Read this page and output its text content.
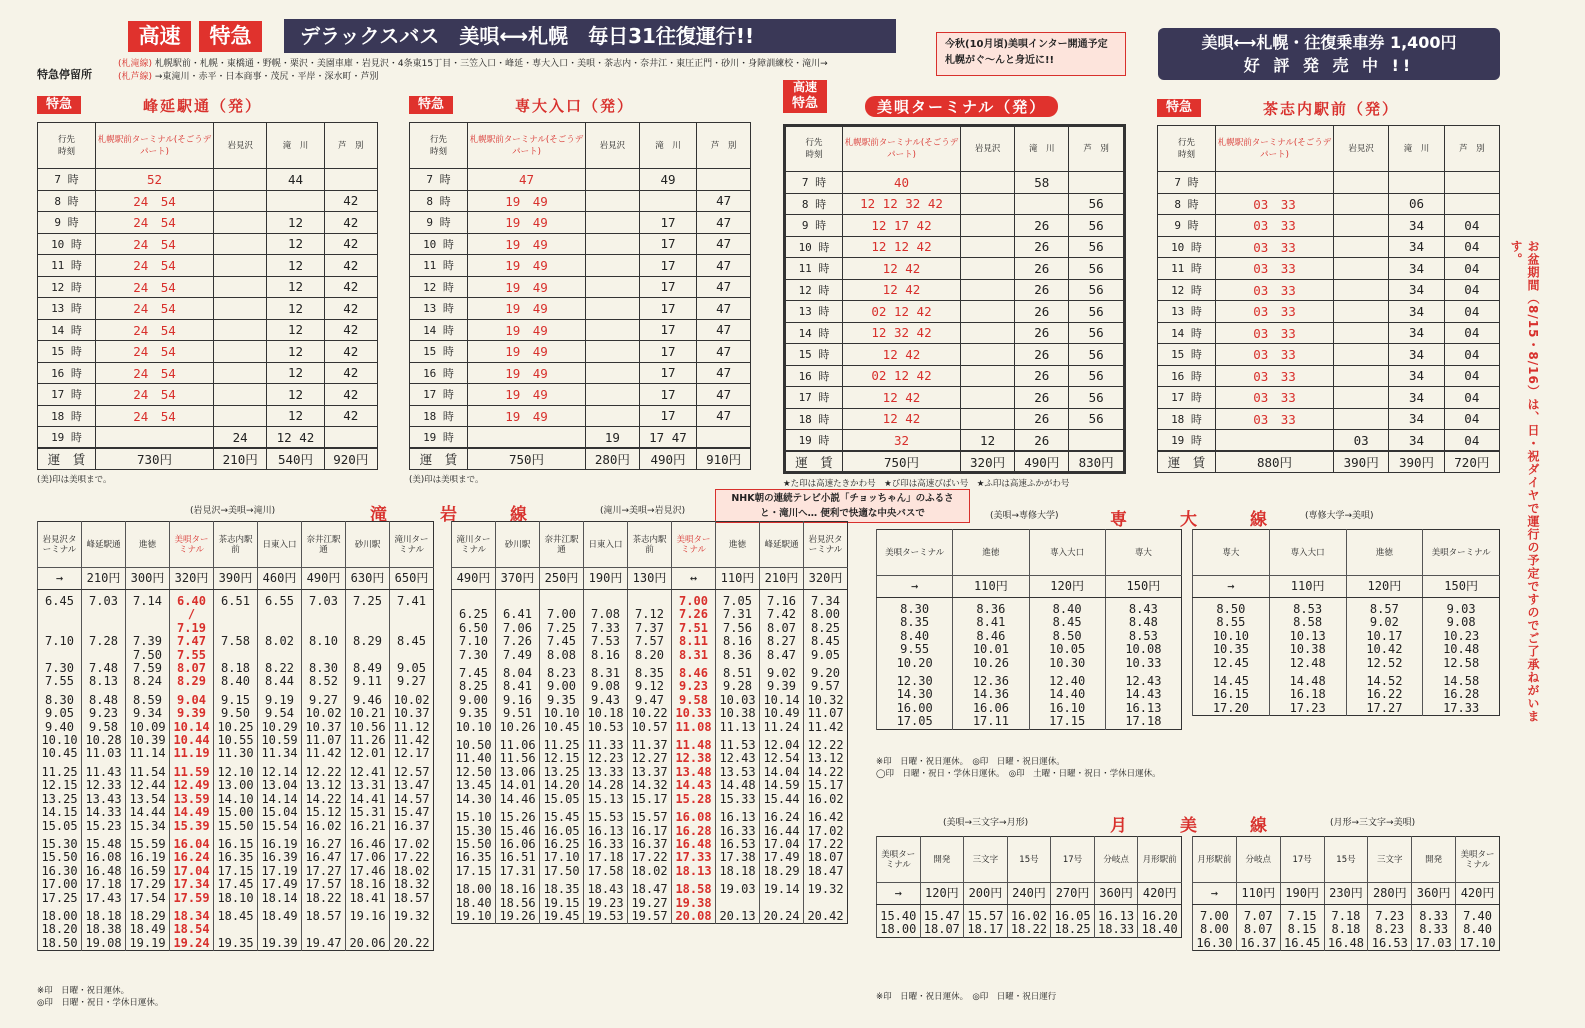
高速	特急	デラックスバス　美唄⟷札幌　毎日31往復運行!!	今秋(10月頃)美唄インター開通予定
札幌がぐ～んと身近に!!
美唄⟷札幌・往復乗車券 1,400円
好 評 発 売 中 !!
特急停留所
(札滝線) 札幌駅前・札幌・東橋通・野幌・栗沢・美園車庫・岩見沢・4条東15丁目・三笠入口・峰延・専大入口・美唄・茶志内・奈井江・東圧正門・砂川・身障訓練校・滝川→
(札芦線) →東滝川・赤平・日本商事・茂尻・平岸・深水町・芦別
特急	峰延駅通（発）
行先
時刻	札幌駅前ターミナル(そごうデパート)	岩見沢	滝　川	芦　別
7 時	52		44	
8 時	24　54			42
9 時	24　54		12	42
10 時	24　54		12	42
11 時	24　54		12	42
12 時	24　54		12	42
13 時	24　54		12	42
14 時	24　54		12	42
15 時	24　54		12	42
16 時	24　54		12	42
17 時	24　54		12	42
18 時	24　54		12	42
19 時		24	12 42	
運　賃	730円	210円	540円	920円
(美)印は美唄まで。
特急	専大入口（発）
行先
時刻	札幌駅前ターミナル(そごうデパート)	岩見沢	滝　川	芦　別
7 時	47		49	
8 時	19　49			47
9 時	19　49		17	47
10 時	19　49		17	47
11 時	19　49		17	47
12 時	19　49		17	47
13 時	19　49		17	47
14 時	19　49		17	47
15 時	19　49		17	47
16 時	19　49		17	47
17 時	19　49		17	47
18 時	19　49		17	47
19 時		19	17 47	
運　賃	750円	280円	490円	910円
(美)印は美唄まで。
高速
特急	美唄ターミナル（発）
行先
時刻	札幌駅前ターミナル(そごうデパート)	岩見沢	滝　川	芦　別
7 時	40		58	
8 時	12 12 32 42			56
9 時	12 17 42		26	56
10 時	12 12 42		26	56
11 時	12 42		26	56
12 時	12 42		26	56
13 時	02 12 42		26	56
14 時	12 32 42		26	56
15 時	12 42		26	56
16 時	02 12 42		26	56
17 時	12 42		26	56
18 時	12 42		26	56
19 時	32	12	26	
運　賃	750円	320円	490円	830円
★た印は高速たきかわ号　★び印は高速びばい号　★ふ印は高速ふかがわ号
特急	茶志内駅前（発）
行先
時刻	札幌駅前ターミナル(そごうデパート)	岩見沢	滝　川	芦　別
7 時				
8 時	03　33		06	
9 時	03　33		34	04
10 時	03　33		34	04
11 時	03　33		34	04
12 時	03　33		34	04
13 時	03　33		34	04
14 時	03　33		34	04
15 時	03　33		34	04
16 時	03　33		34	04
17 時	03　33		34	04
18 時	03　33		34	04
19 時		03	34	04
運　賃	880円	390円	390円	720円
滝　岩　線
(岩見沢→美唄→滝川)	(滝川→美唄→岩見沢)
NHK朝の連続テレビ小説「チョッちゃん」のふるさと・滝川へ… 便利で快適な中央バスで
岩見沢ターミナル	峰延駅通	進徳	美唄ターミナル	茶志内駅前	日東入口	奈井江駅通	砂川駅	滝川ターミナル
→	210円	300円	320円	390円	460円	490円	630円	650円
6.45	7.03	7.14	6.40 / 7.19	6.51	6.55	7.03	7.25	7.41
7.10	7.28	7.39	7.47	7.58	8.02	8.10	8.29	8.45
		7.50	7.55					
7.30	7.48	7.59	8.07	8.18	8.22	8.30	8.49	9.05
7.55	8.13	8.24	8.29	8.40	8.44	8.52	9.11	9.27
8.30	8.48	8.59	9.04	9.15	9.19	9.27	9.46	10.02
9.05	9.23	9.34	9.39	9.50	9.54	10.02	10.21	10.37
9.40	9.58	10.09	10.14	10.25	10.29	10.37	10.56	11.12
10.10	10.28	10.39	10.44	10.55	10.59	11.07	11.26	11.42
10.45	11.03	11.14	11.19	11.30	11.34	11.42	12.01	12.17
11.25	11.43	11.54	11.59	12.10	12.14	12.22	12.41	12.57
12.15	12.33	12.44	12.49	13.00	13.04	13.12	13.31	13.47
13.25	13.43	13.54	13.59	14.10	14.14	14.22	14.41	14.57
14.15	14.33	14.44	14.49	15.00	15.04	15.12	15.31	15.47
15.05	15.23	15.34	15.39	15.50	15.54	16.02	16.21	16.37
15.30	15.48	15.59	16.04	16.15	16.19	16.27	16.46	17.02
15.50	16.08	16.19	16.24	16.35	16.39	16.47	17.06	17.22
16.30	16.48	16.59	17.04	17.15	17.19	17.27	17.46	18.02
17.00	17.18	17.29	17.34	17.45	17.49	17.57	18.16	18.32
17.25	17.43	17.54	17.59	18.10	18.14	18.22	18.41	18.57
18.00	18.18	18.29	18.34	18.45	18.49	18.57	19.16	19.32
18.20	18.38	18.49	18.54					
18.50	19.08	19.19	19.24	19.35	19.39	19.47	20.06	20.22
滝川ターミナル	砂川駅	奈井江駅通	日東入口	茶志内駅前	美唄ターミナル	進徳	峰延駅通	岩見沢ターミナル
490円	370円	250円	190円	130円	↔	110円	210円	320円
					7.00	7.05	7.16	7.34
6.25	6.41	7.00	7.08	7.12	7.26	7.31	7.42	8.00
6.50	7.06	7.25	7.33	7.37	7.51	7.56	8.07	8.25
7.10	7.26	7.45	7.53	7.57	8.11	8.16	8.27	8.45
7.30	7.49	8.08	8.16	8.20	8.31	8.36	8.47	9.05
7.45	8.04	8.23	8.31	8.35	8.46	8.51	9.02	9.20
8.25	8.41	9.00	9.08	9.12	9.23	9.28	9.39	9.57
9.00	9.16	9.35	9.43	9.47	9.58	10.03	10.14	10.32
9.35	9.51	10.10	10.18	10.22	10.33	10.38	10.49	11.07
10.10	10.26	10.45	10.53	10.57	11.08	11.13	11.24	11.42
10.50	11.06	11.25	11.33	11.37	11.48	11.53	12.04	12.22
11.40	11.56	12.15	12.23	12.27	12.38	12.43	12.54	13.12
12.50	13.06	13.25	13.33	13.37	13.48	13.53	14.04	14.22
13.45	14.01	14.20	14.28	14.32	14.43	14.48	14.59	15.17
14.30	14.46	15.05	15.13	15.17	15.28	15.33	15.44	16.02
15.10	15.26	15.45	15.53	15.57	16.08	16.13	16.24	16.42
15.30	15.46	16.05	16.13	16.17	16.28	16.33	16.44	17.02
15.50	16.06	16.25	16.33	16.37	16.48	16.53	17.04	17.22
16.35	16.51	17.10	17.18	17.22	17.33	17.38	17.49	18.07
17.15	17.31	17.50	17.58	18.02	18.13	18.18	18.29	18.47
18.00	18.16	18.35	18.43	18.47	18.58	19.03	19.14	19.32
18.40	18.56	19.15	19.23	19.27	19.38			
19.10	19.26	19.45	19.53	19.57	20.08	20.13	20.24	20.42
※印　日曜・祝日運休。
◎印　日曜・祝日・学休日運休。
専　大　線
(美唄→専修大学)	(専修大学→美唄)
美唄ターミナル	進徳	専入大口	専大
→	110円	120円	150円
8.30	8.36	8.40	8.43
8.35	8.41	8.45	8.48
8.40	8.46	8.50	8.53
9.55	10.01	10.05	10.08
10.20	10.26	10.30	10.33
12.30	12.36	12.40	12.43
14.30	14.36	14.40	14.43
16.00	16.06	16.10	16.13
17.05	17.11	17.15	17.18
専大	専入大口	進徳	美唄ターミナル
→	110円	120円	150円
8.50	8.53	8.57	9.03
8.55	8.58	9.02	9.08
10.10	10.13	10.17	10.23
10.35	10.38	10.42	10.48
12.45	12.48	12.52	12.58
14.45	14.48	14.52	14.58
16.15	16.18	16.22	16.28
17.20	17.23	17.27	17.33
※印　日曜・祝日運休。　◎印　日曜・祝日運休。
◯印　日曜・祝日・学休日運休。　◎印　土曜・日曜・祝日・学休日運休。
月　美　線
(美唄→三文字→月形)	(月形→三文字→美唄)
美唄ターミナル	開発	三文字	15号	17号	分岐点	月形駅前
→	120円	200円	240円	270円	360円	420円
15.40	15.47	15.57	16.02	16.05	16.13	16.20
18.00	18.07	18.17	18.22	18.25	18.33	18.40
月形駅前	分岐点	17号	15号	三文字	開発	美唄ターミナル
→	110円	190円	230円	280円	360円	420円
7.00	7.07	7.15	7.18	7.23	8.33	7.40
8.00	8.07	8.15	8.18	8.23	8.33	8.40
16.30	16.37	16.45	16.48	16.53	17.03	17.10
※印　日曜・祝日運休。　◎印　日曜・祝日運行
お盆期間（8/15・8/16）は、日・祝ダイヤで運行の予定ですのでご了承ねがいます。
